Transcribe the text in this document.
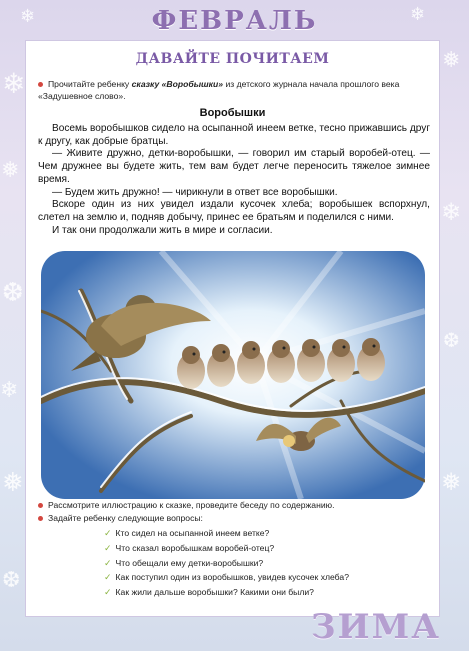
❄
❅
❆
❄
❅
❆
❅
❄
❆
❅
❄	❄
ФЕВРАЛЬ
ДАВАЙТЕ ПОЧИТАЕМ
Прочитайте ребенку сказку «Воробышки» из детского журнала начала прошлого века «Задушевное слово».
Воробышки

Восемь воробышков сидело на осыпанной инеем ветке, тесно прижавшись друг к другу, как добрые братцы.

— Живите дружно, детки-воробышки, — говорил им старый воробей-отец. — Чем дружнее вы будете жить, тем вам будет легче переносить тяжелое зимнее время.

— Будем жить дружно! — чирикнули в ответ все воробышки.

Вскоре один из них увидел издали кусочек хлеба; воробышек вспорхнул, слетел на землю и, подняв добычу, принес ее братьям и поделился с ними.

И так они продолжали жить в мире и согласии.

Рассмотрите иллюстрацию к сказке, проведите беседу по содержанию.

Задайте ребенку следующие вопросы:

✓ Кто сидел на осыпанной инеем ветке?
✓ Что сказал воробышкам воробей-отец?
✓ Что обещали ему детки-воробышки?
✓ Как поступил один из воробышков, увидев кусочек хлеба?
✓ Как жили дальше воробышки? Какими они были?
ЗИМА
